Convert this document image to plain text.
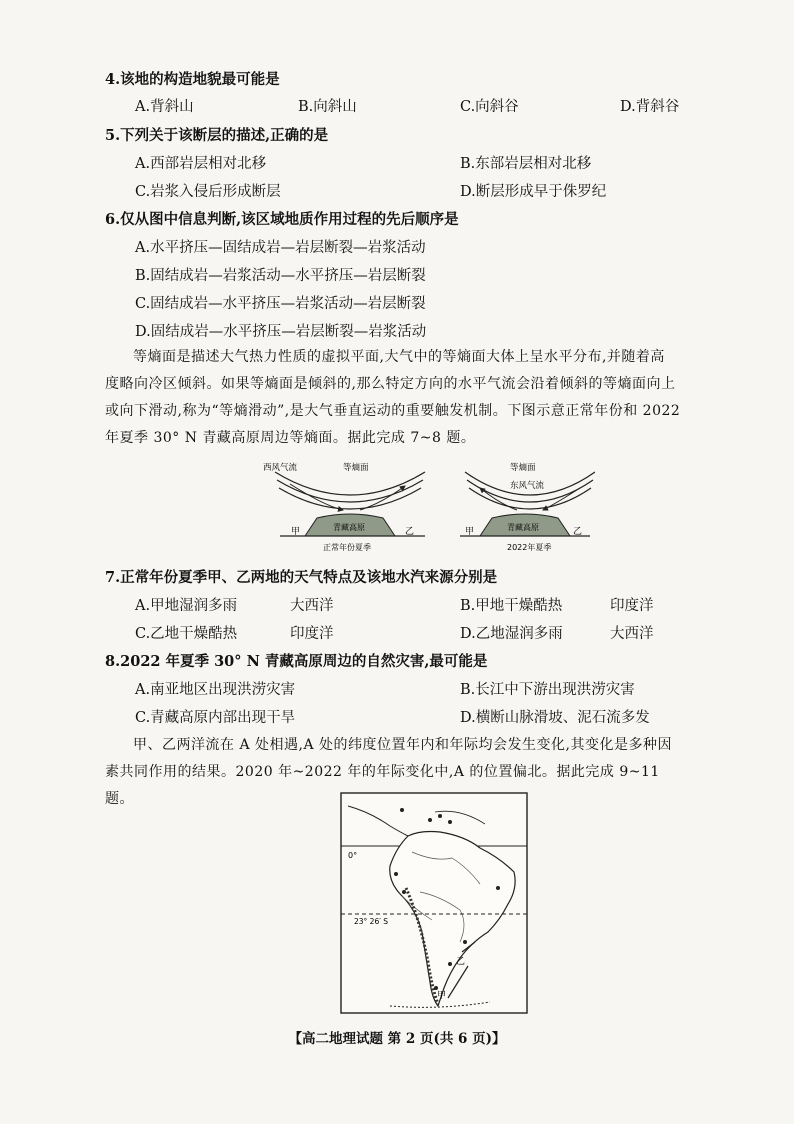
4.该地的构造地貌最可能是
A.背斜山	B.向斜山	C.向斜谷	D.背斜谷
5.下列关于该断层的描述,正确的是
A.西部岩层相对北移	B.东部岩层相对北移
C.岩浆入侵后形成断层	D.断层形成早于侏罗纪
6.仅从图中信息判断,该区域地质作用过程的先后顺序是
A.水平挤压—固结成岩—岩层断裂—岩浆活动
B.固结成岩—岩浆活动—水平挤压—岩层断裂
C.固结成岩—水平挤压—岩浆活动—岩层断裂
D.固结成岩—水平挤压—岩层断裂—岩浆活动
等熵面是描述大气热力性质的虚拟平面,大气中的等熵面大体上呈水平分布,并随着高
度略向冷区倾斜。如果等熵面是倾斜的,那么特定方向的水平气流会沿着倾斜的等熵面向上
或向下滑动,称为“等熵滑动”,是大气垂直运动的重要触发机制。下图示意正常年份和 2022
年夏季 30° N 青藏高原周边等熵面。据此完成 7~8 题。
西风气流	等熵面
青藏高原
甲	乙
正常年份夏季
东风气流
等熵面
青藏高原
甲	乙
2022年夏季
7.正常年份夏季甲、乙两地的天气特点及该地水汽来源分别是
A.甲地湿润多雨	大西洋	B.甲地干燥酷热	印度洋
C.乙地干燥酷热	印度洋	D.乙地湿润多雨	大西洋
8.2022 年夏季 30° N 青藏高原周边的自然灾害,最可能是
A.南亚地区出现洪涝灾害	B.长江中下游出现洪涝灾害
C.青藏高原内部出现干旱	D.横断山脉滑坡、泥石流多发
甲、乙两洋流在 A 处相遇,A 处的纬度位置年内和年际均会发生变化,其变化是多种因
素共同作用的结果。2020 年~2022 年的年际变化中,A 的位置偏北。据此完成 9~11 题。
0°
23° 26′ S
乙
甲
【高二地理试题 第 2 页(共 6 页)】
